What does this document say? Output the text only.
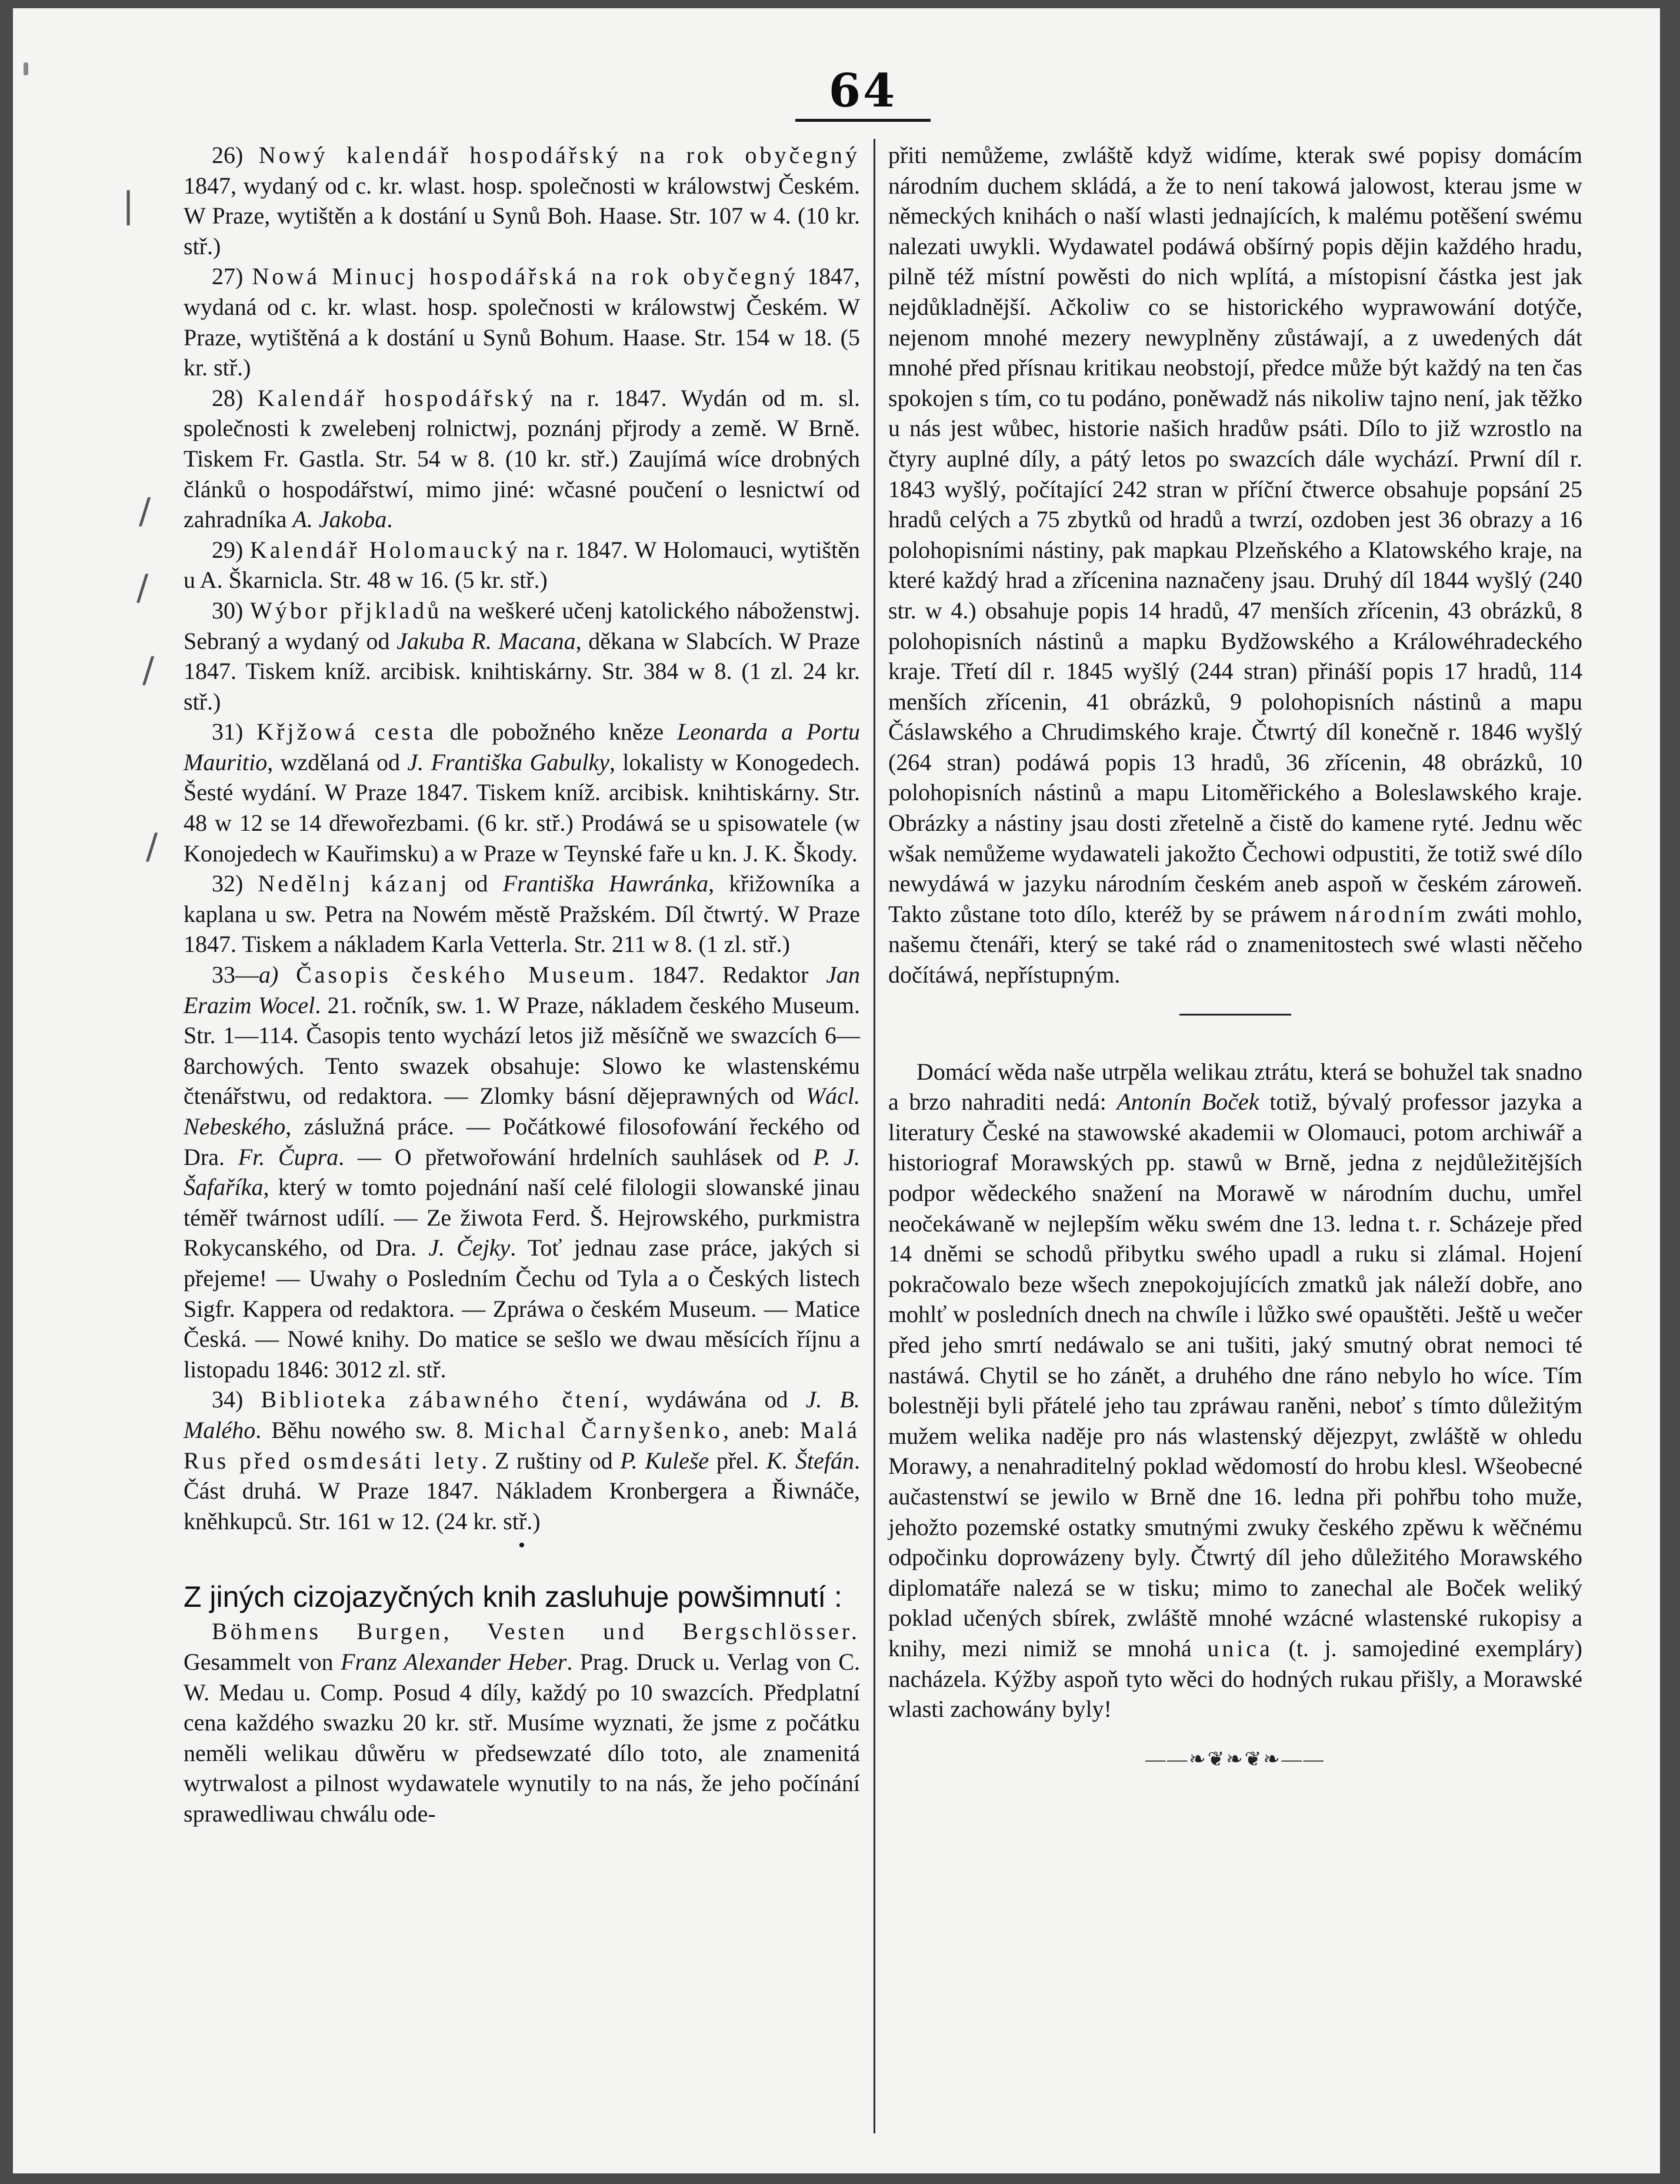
64
|
/
/
/
/

26) Nowý kalendář hospodářský na rok obyčegný 1847, wydaný od c. kr. wlast. hosp. společnosti w králowstwj Českém. W Praze, wytištěn a k dostání u Synů Boh. Haase. Str. 107 w 4. (10 kr. stř.)

27) Nowá Minucj hospodářská na rok obyčegný 1847, wydaná od c. kr. wlast. hosp. společnosti w králowstwj Českém. W Praze, wytištěná a k dostání u Synů Bohum. Haase. Str. 154 w 18. (5 kr. stř.)

28) Kalendář hospodářský na r. 1847. Wydán od m. sl. společnosti k zwelebenj rolnictwj, poznánj přjrody a země. W Brně. Tiskem Fr. Gastla. Str. 54 w 8. (10 kr. stř.) Zaujímá wíce drobných článků o hospodářstwí, mimo jiné: wčasné poučení o lesnictwí od zahradníka A. Jakoba.

29) Kalendář Holomaucký na r. 1847. W Holomauci, wytištěn u A. Škarnicla. Str. 48 w 16. (5 kr. stř.)

30) Wýbor přjkladů na weškeré učenj katolického náboženstwj. Sebraný a wydaný od Jakuba R. Macana, děkana w Slabcích. W Praze 1847. Tiskem kníž. arcibisk. knihtiskárny. Str. 384 w 8. (1 zl. 24 kr. stř.)

31) Křjžowá cesta dle pobožného kněze Leonarda a Portu Mauritio, wzdělaná od J. Františka Gabulky, lokalisty w Konogedech. Šesté wydání. W Praze 1847. Tiskem kníž. arcibisk. knihtiskárny. Str. 48 w 12 se 14 dřewořezbami. (6 kr. stř.) Prodáwá se u spisowatele (w Konojedech w Kauřimsku) a w Praze w Teynské faře u kn. J. K. Škody.

32) Nedělnj kázanj od Františka Hawránka, křižowníka a kaplana u sw. Petra na Nowém městě Pražském. Díl čtwrtý. W Praze 1847. Tiskem a nákladem Karla Vetterla. Str. 211 w 8. (1 zl. stř.)

33—a) Časopis českého Museum. 1847. Redaktor Jan Erazim Wocel. 21. ročník, sw. 1. W Praze, nákladem českého Museum. Str. 1—114. Časopis tento wychází letos již měsíčně we swazcích 6—8archowých. Tento swazek obsahuje: Slowo ke wlastenskému čtenářstwu, od redaktora. — Zlomky básní dějeprawných od Wácl. Nebeského, záslužná práce. — Počátkowé filosofowání řeckého od Dra. Fr. Čupra. — O přetwořowání hrdelních sauhlásek od P. J. Šafaříka, který w tomto pojednání naší celé filologii slowanské jinau téměř twárnost udílí. — Ze žiwota Ferd. Š. Hejrowského, purkmistra Rokycanského, od Dra. J. Čejky. Toť jednau zase práce, jakých si přejeme! — Uwahy o Posledním Čechu od Tyla a o Českých listech Sigfr. Kappera od redaktora. — Zpráwa o českém Museum. — Matice Česká. — Nowé knihy. Do matice se sešlo we dwau měsících říjnu a listopadu 1846: 3012 zl. stř.

34) Biblioteka zábawného čtení, wydáwána od J. B. Malého. Běhu nowého sw. 8. Michal Čarnyšenko, aneb: Malá Rus před osmdesáti lety. Z ruštiny od P. Kuleše přel. K. Štefán. Část druhá. W Praze 1847. Nákladem Kronbergera a Řiwnáče, kněhkupců. Str. 161 w 12. (24 kr. stř.)

•

Z jiných cizojazyčných knih zasluhuje powšimnutí :

Böhmens Burgen, Vesten und Bergschlösser. Gesammelt von Franz Alexander Heber. Prag. Druck u. Verlag von C. W. Medau u. Comp. Posud 4 díly, každý po 10 swazcích. Předplatní cena každého swazku 20 kr. stř. Musíme wyznati, že jsme z počátku neměli welikau důwěru w předsewzaté dílo toto, ale znamenitá wytrwalost a pilnost wydawatele wynutily to na nás, že jeho počínání sprawedliwau chwálu ode-

přiti nemůžeme, zwláště když widíme, kterak swé popisy domácím národním duchem skládá, a že to není takowá jalowost, kterau jsme w německých knihách o naší wlasti jednajících, k malému potěšení swému nalezati uwykli. Wydawatel podáwá obšírný popis dějin každého hradu, pilně též místní powěsti do nich wplítá, a místopisní částka jest jak nejdůkladnější. Ačkoliw co se historického wyprawowání dotýče, nejenom mnohé mezery newyplněny zůstáwají, a z uwedených dát mnohé před přísnau kritikau neobstojí, předce může být každý na ten čas spokojen s tím, co tu podáno, poněwadž nás nikoliw tajno není, jak těžko u nás jest wůbec, historie našich hradůw psáti. Dílo to již wzrostlo na čtyry auplné díly, a pátý letos po swazcích dále wychází. Prwní díl r. 1843 wyšlý, počítající 242 stran w příční čtwerce obsahuje popsání 25 hradů celých a 75 zbytků od hradů a twrzí, ozdoben jest 36 obrazy a 16 polohopisními nástiny, pak mapkau Plzeňského a Klatowského kraje, na které každý hrad a zřícenina naznačeny jsau. Druhý díl 1844 wyšlý (240 str. w 4.) obsahuje popis 14 hradů, 47 menších zřícenin, 43 obrázků, 8 polohopisních nástinů a mapku Bydžowského a Králowéhradeckého kraje. Třetí díl r. 1845 wyšlý (244 stran) přináší popis 17 hradů, 114 menších zřícenin, 41 obrázků, 9 polohopisních nástinů a mapu Čáslawského a Chrudimského kraje. Čtwrtý díl konečně r. 1846 wyšlý (264 stran) podáwá popis 13 hradů, 36 zřícenin, 48 obrázků, 10 polohopisních nástinů a mapu Litoměřického a Boleslawského kraje. Obrázky a nástiny jsau dosti zřetelně a čistě do kamene ryté. Jednu wěc wšak nemůžeme wydawateli jakožto Čechowi odpustiti, že totiž swé dílo newydáwá w jazyku národním českém aneb aspoň w českém zároweň. Takto zůstane toto dílo, kteréž by se práwem národním zwáti mohlo, našemu čtenáři, který se také rád o znamenitostech swé wlasti něčeho dočítáwá, nepřístupným.

Domácí wěda naše utrpěla welikau ztrátu, která se bohužel tak snadno a brzo nahraditi nedá: Antonín Boček totiž, bývalý professor jazyka a literatury České na stawowské akademii w Olomauci, potom archiwář a historiograf Morawských pp. stawů w Brně, jedna z nejdůležitějších podpor wědeckého snažení na Morawě w národním duchu, umřel neočekáwaně w nejlepším wěku swém dne 13. ledna t. r. Scházeje před 14 dněmi se schodů přibytku swého upadl a ruku si zlámal. Hojení pokračowalo beze wšech znepokojujících zmatků jak náleží dobře, ano mohlť w posledních dnech na chwíle i lůžko swé opauštěti. Ještě u wečer před jeho smrtí nedáwalo se ani tušiti, jaký smutný obrat nemoci té nastáwá. Chytil se ho zánět, a druhého dne ráno nebylo ho wíce. Tím bolestněji byli přátelé jeho tau zpráwau raněni, neboť s tímto důležitým mužem welika naděje pro nás wlastenský dějezpyt, zwláště w ohledu Morawy, a nenahraditelný poklad wědomostí do hrobu klesl. Wšeobecné aučastenstwí se jewilo w Brně dne 16. ledna při pohřbu toho muže, jehožto pozemské ostatky smutnými zwuky českého zpěwu k wěčnému odpočinku doprowázeny byly. Čtwrtý díl jeho důležitého Morawského diplomatáře nalezá se w tisku; mimo to zanechal ale Boček weliký poklad učených sbírek, zwláště mnohé wzácné wlastenské rukopisy a knihy, mezi nimiž se mnohá unica (t. j. samojediné exempláry) nacházela. Kýžby aspoň tyto wěci do hodných rukau přišly, a Morawské wlasti zachowány byly!

——❧❦❧❦❧——
